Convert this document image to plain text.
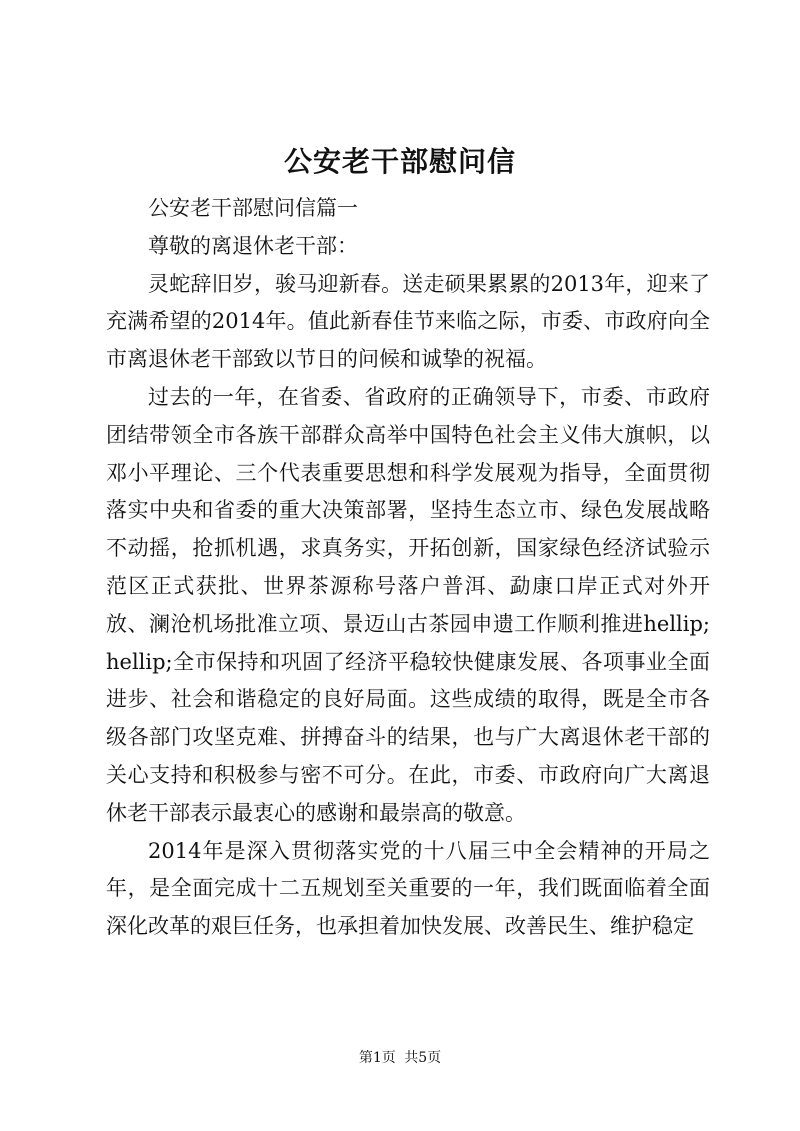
公安老干部慰问信

公安老干部慰问信篇一

尊敬的离退休老干部：

灵蛇辞旧岁，骏马迎新春。送走硕果累累的2013年，迎来了充满希望的2014年。值此新春佳节来临之际，市委、市政府向全市离退休老干部致以节日的问候和诚挚的祝福。

过去的一年，在省委、省政府的正确领导下，市委、市政府团结带领全市各族干部群众高举中国特色社会主义伟大旗帜，以邓小平理论、三个代表重要思想和科学发展观为指导，全面贯彻落实中央和省委的重大决策部署，坚持生态立市、绿色发展战略不动摇，抢抓机遇，求真务实，开拓创新，国家绿色经济试验示范区正式获批、世界茶源称号落户普洱、勐康口岸正式对外开放、澜沧机场批准立项、景迈山古茶园申遗工作顺利推进hellip;hellip;全市保持和巩固了经济平稳较快健康发展、各项事业全面进步、社会和谐稳定的良好局面。这些成绩的取得，既是全市各级各部门攻坚克难、拼搏奋斗的结果，也与广大离退休老干部的关心支持和积极参与密不可分。在此，市委、市政府向广大离退休老干部表示最衷心的感谢和最崇高的敬意。

2014年是深入贯彻落实党的十八届三中全会精神的开局之年，是全面完成十二五规划至关重要的一年，我们既面临着全面深化改革的艰巨任务，也承担着加快发展、改善民生、维护稳定

第1页 共5页
